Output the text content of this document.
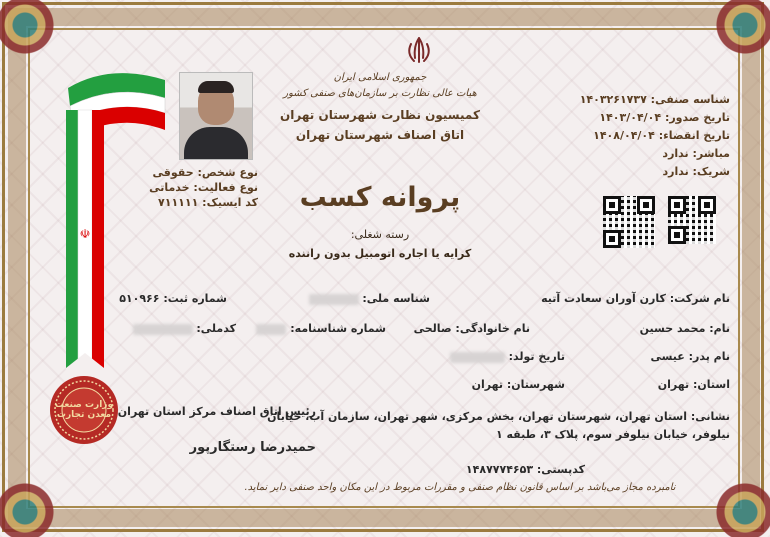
☫
وزارت صنعت معدن تجارت
نوع شخص: حقوقی
نوع فعالیت: خدماتی
کد ایسیک: ۷۱۱۱۱۱
جمهوری اسلامی ایران
هیات عالی نظارت بر سازمان‌های صنفی کشور
کمیسیون نظارت شهرستان تهران
اتاق اصناف شهرستان تهران
پروانه کسب
رسته شغلی:
کرایه یا اجاره اتومبیل بدون راننده
شناسه صنفی: ۱۴۰۳۲۶۱۷۳۷
تاریخ صدور: ۱۴۰۳/۰۴/۰۴
تاریخ انقضاء: ۱۴۰۸/۰۴/۰۴
مباشر: ندارد
شریک: ندارد
نام شرکت: کارن آوران سعادت آتیه
شناسه ملی:
شماره ثبت: ۵۱۰۹۶۶
نام: محمد حسین
نام خانوادگی: صالحی
شماره شناسنامه:
کدملی:
نام پدر: عیسی
تاریخ تولد:
استان: تهران
شهرستان: تهران
رئیس اتاق اصناف مرکز استان تهران
حمیدرضا رستگارپور
نشانی: استان تهران، شهرستان تهران، بخش مرکزی، شهر تهران، سازمان آب، خیابان
نیلوفر، خیابان نیلوفر سوم، پلاک ۳، طبقه ۱
کدپستی: ۱۴۸۷۷۷۴۶۵۳
نامبرده مجاز می‌باشد بر اساس قانون نظام صنفی و مقررات مربوط در این مکان واحد صنفی دایر نماید.
